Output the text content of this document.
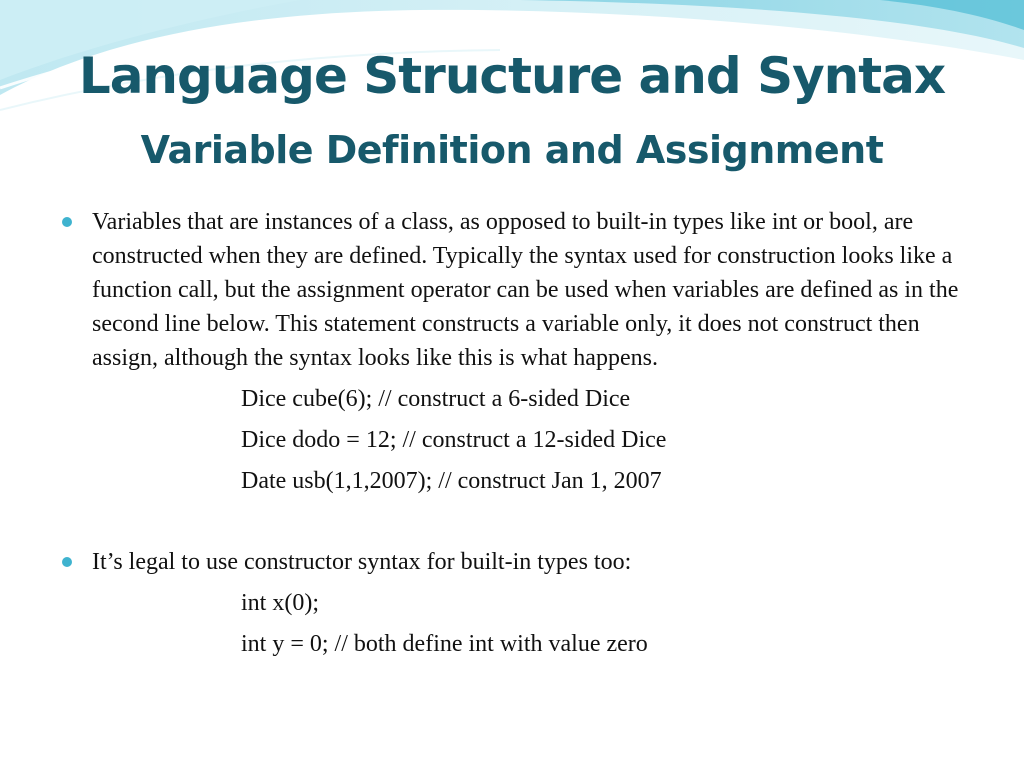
Language Structure and Syntax
Variable Definition and Assignment
Variables that are instances of a class, as opposed to built-in types like int or bool, are constructed when they are defined. Typically the syntax used for construction looks like a function call, but the assignment operator can be used when variables are defined as in the second line below. This statement constructs a variable only, it does not construct then assign, although the syntax looks like this is what happens.
Dice cube(6); // construct a 6-sided Dice
Dice dodo = 12; // construct a 12-sided Dice
Date usb(1,1,2007); // construct Jan 1, 2007
It’s legal to use constructor syntax for built-in types too:
int x(0);
int y = 0; // both define int with value zero
